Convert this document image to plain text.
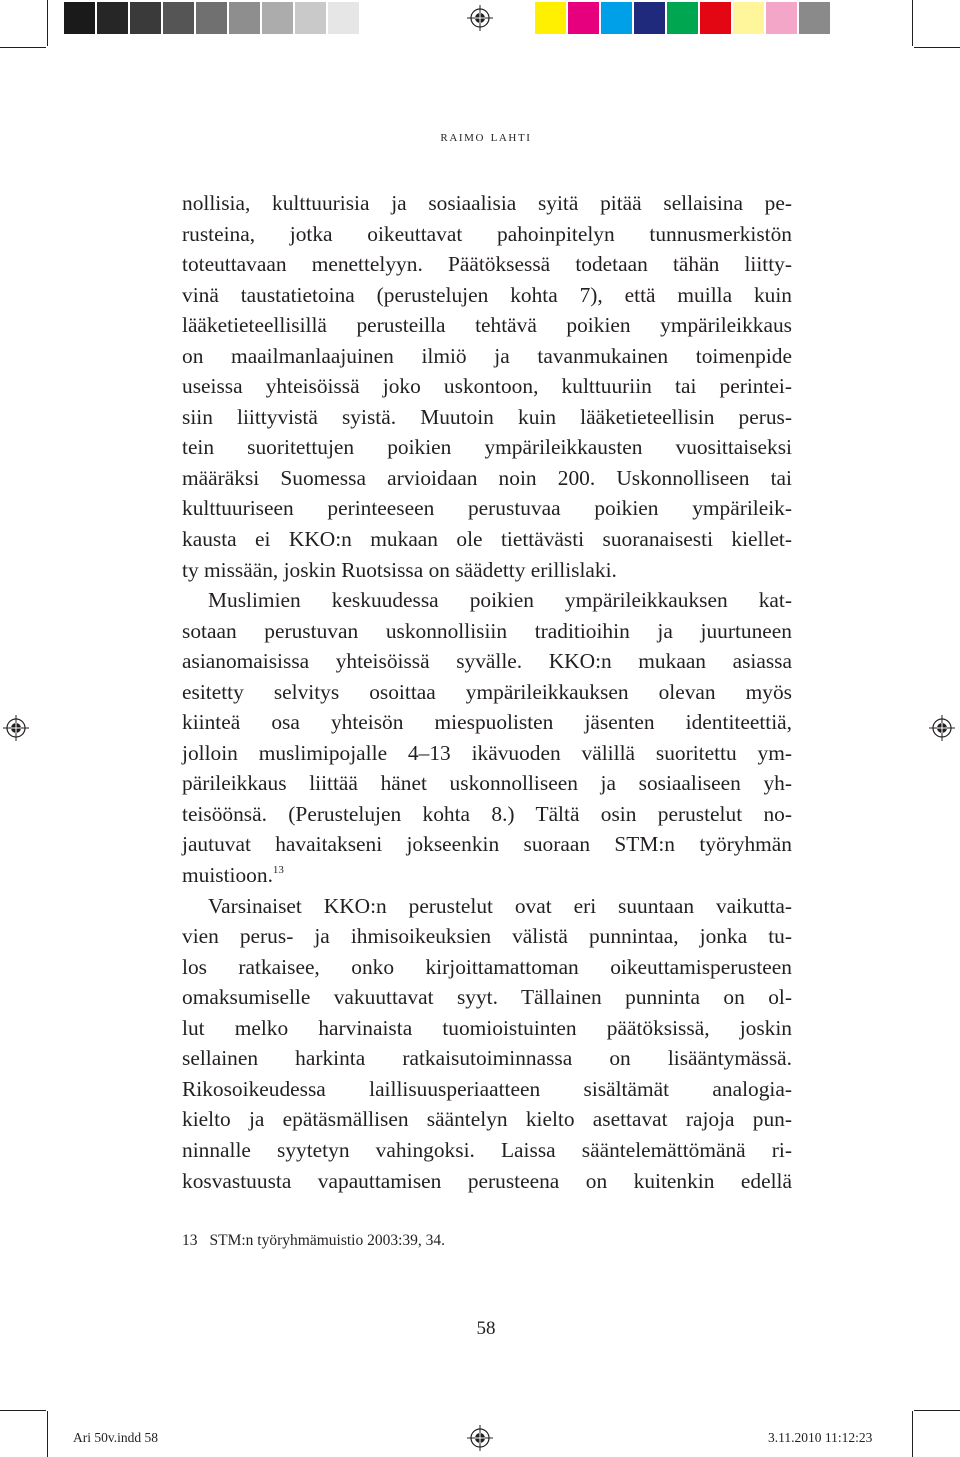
raimo lahti
nollisia, kulttuurisia ja sosiaalisia syitä pitää sellaisina pe-
rusteina, jotka oikeuttavat pahoinpitelyn tunnusmerkistön
toteuttavaan menettelyyn. Päätöksessä todetaan tähän liitty-
vinä taustatietoina (perustelujen kohta 7), että muilla kuin
lääketieteellisillä perusteilla tehtävä poikien ympärileikkaus
on maailmanlaajuinen ilmiö ja tavanmukainen toimenpide
useissa yhteisöissä joko uskontoon, kulttuuriin tai perintei-
siin liittyvistä syistä. Muutoin kuin lääketieteellisin perus-
tein suoritettujen poikien ympärileikkausten vuosittaiseksi
määräksi Suomessa arvioidaan noin 200. Uskonnolliseen tai
kulttuuriseen perinteeseen perustuvaa poikien ympärileik-
kausta ei KKO:n mukaan ole tiettävästi suoranaisesti kiellet-
ty missään, joskin Ruotsissa on säädetty erillislaki.
Muslimien keskuudessa poikien ympärileikkauksen kat-
sotaan perustuvan uskonnollisiin traditioihin ja juurtuneen
asianomaisissa yhteisöissä syvälle. KKO:n mukaan asiassa
esitetty selvitys osoittaa ympärileikkauksen olevan myös
kiinteä osa yhteisön miespuolisten jäsenten identiteettiä,
jolloin muslimipojalle 4–13 ikävuoden välillä suoritettu ym-
pärileikkaus liittää hänet uskonnolliseen ja sosiaaliseen yh-
teisöönsä. (Perustelujen kohta 8.) Tältä osin perustelut no-
jautuvat havaitakseni jokseenkin suoraan STM:n työryhmän
muistioon.$^{13}$
Varsinaiset KKO:n perustelut ovat eri suuntaan vaikutta-
vien perus- ja ihmisoikeuksien välistä punnintaa, jonka tu-
los ratkaisee, onko kirjoittamattoman oikeuttamisperusteen
omaksumiselle vakuuttavat syyt. Tällainen punninta on ol-
lut melko harvinaista tuomioistuinten päätöksissä, joskin
sellainen harkinta ratkaisutoiminnassa on lisääntymässä.
Rikosoikeudessa laillisuusperiaatteen sisältämät analogia-
kielto ja epätäsmällisen sääntelyn kielto asettavat rajoja pun-
ninnalle syytetyn vahingoksi. Laissa sääntelemättömänä ri-
kosvastuusta vapauttamisen perusteena on kuitenkin edellä
13 STM:n työryhmämuistio 2003:39, 34.
58
Ari 50v.indd 58	3.11.2010 11:12:23
